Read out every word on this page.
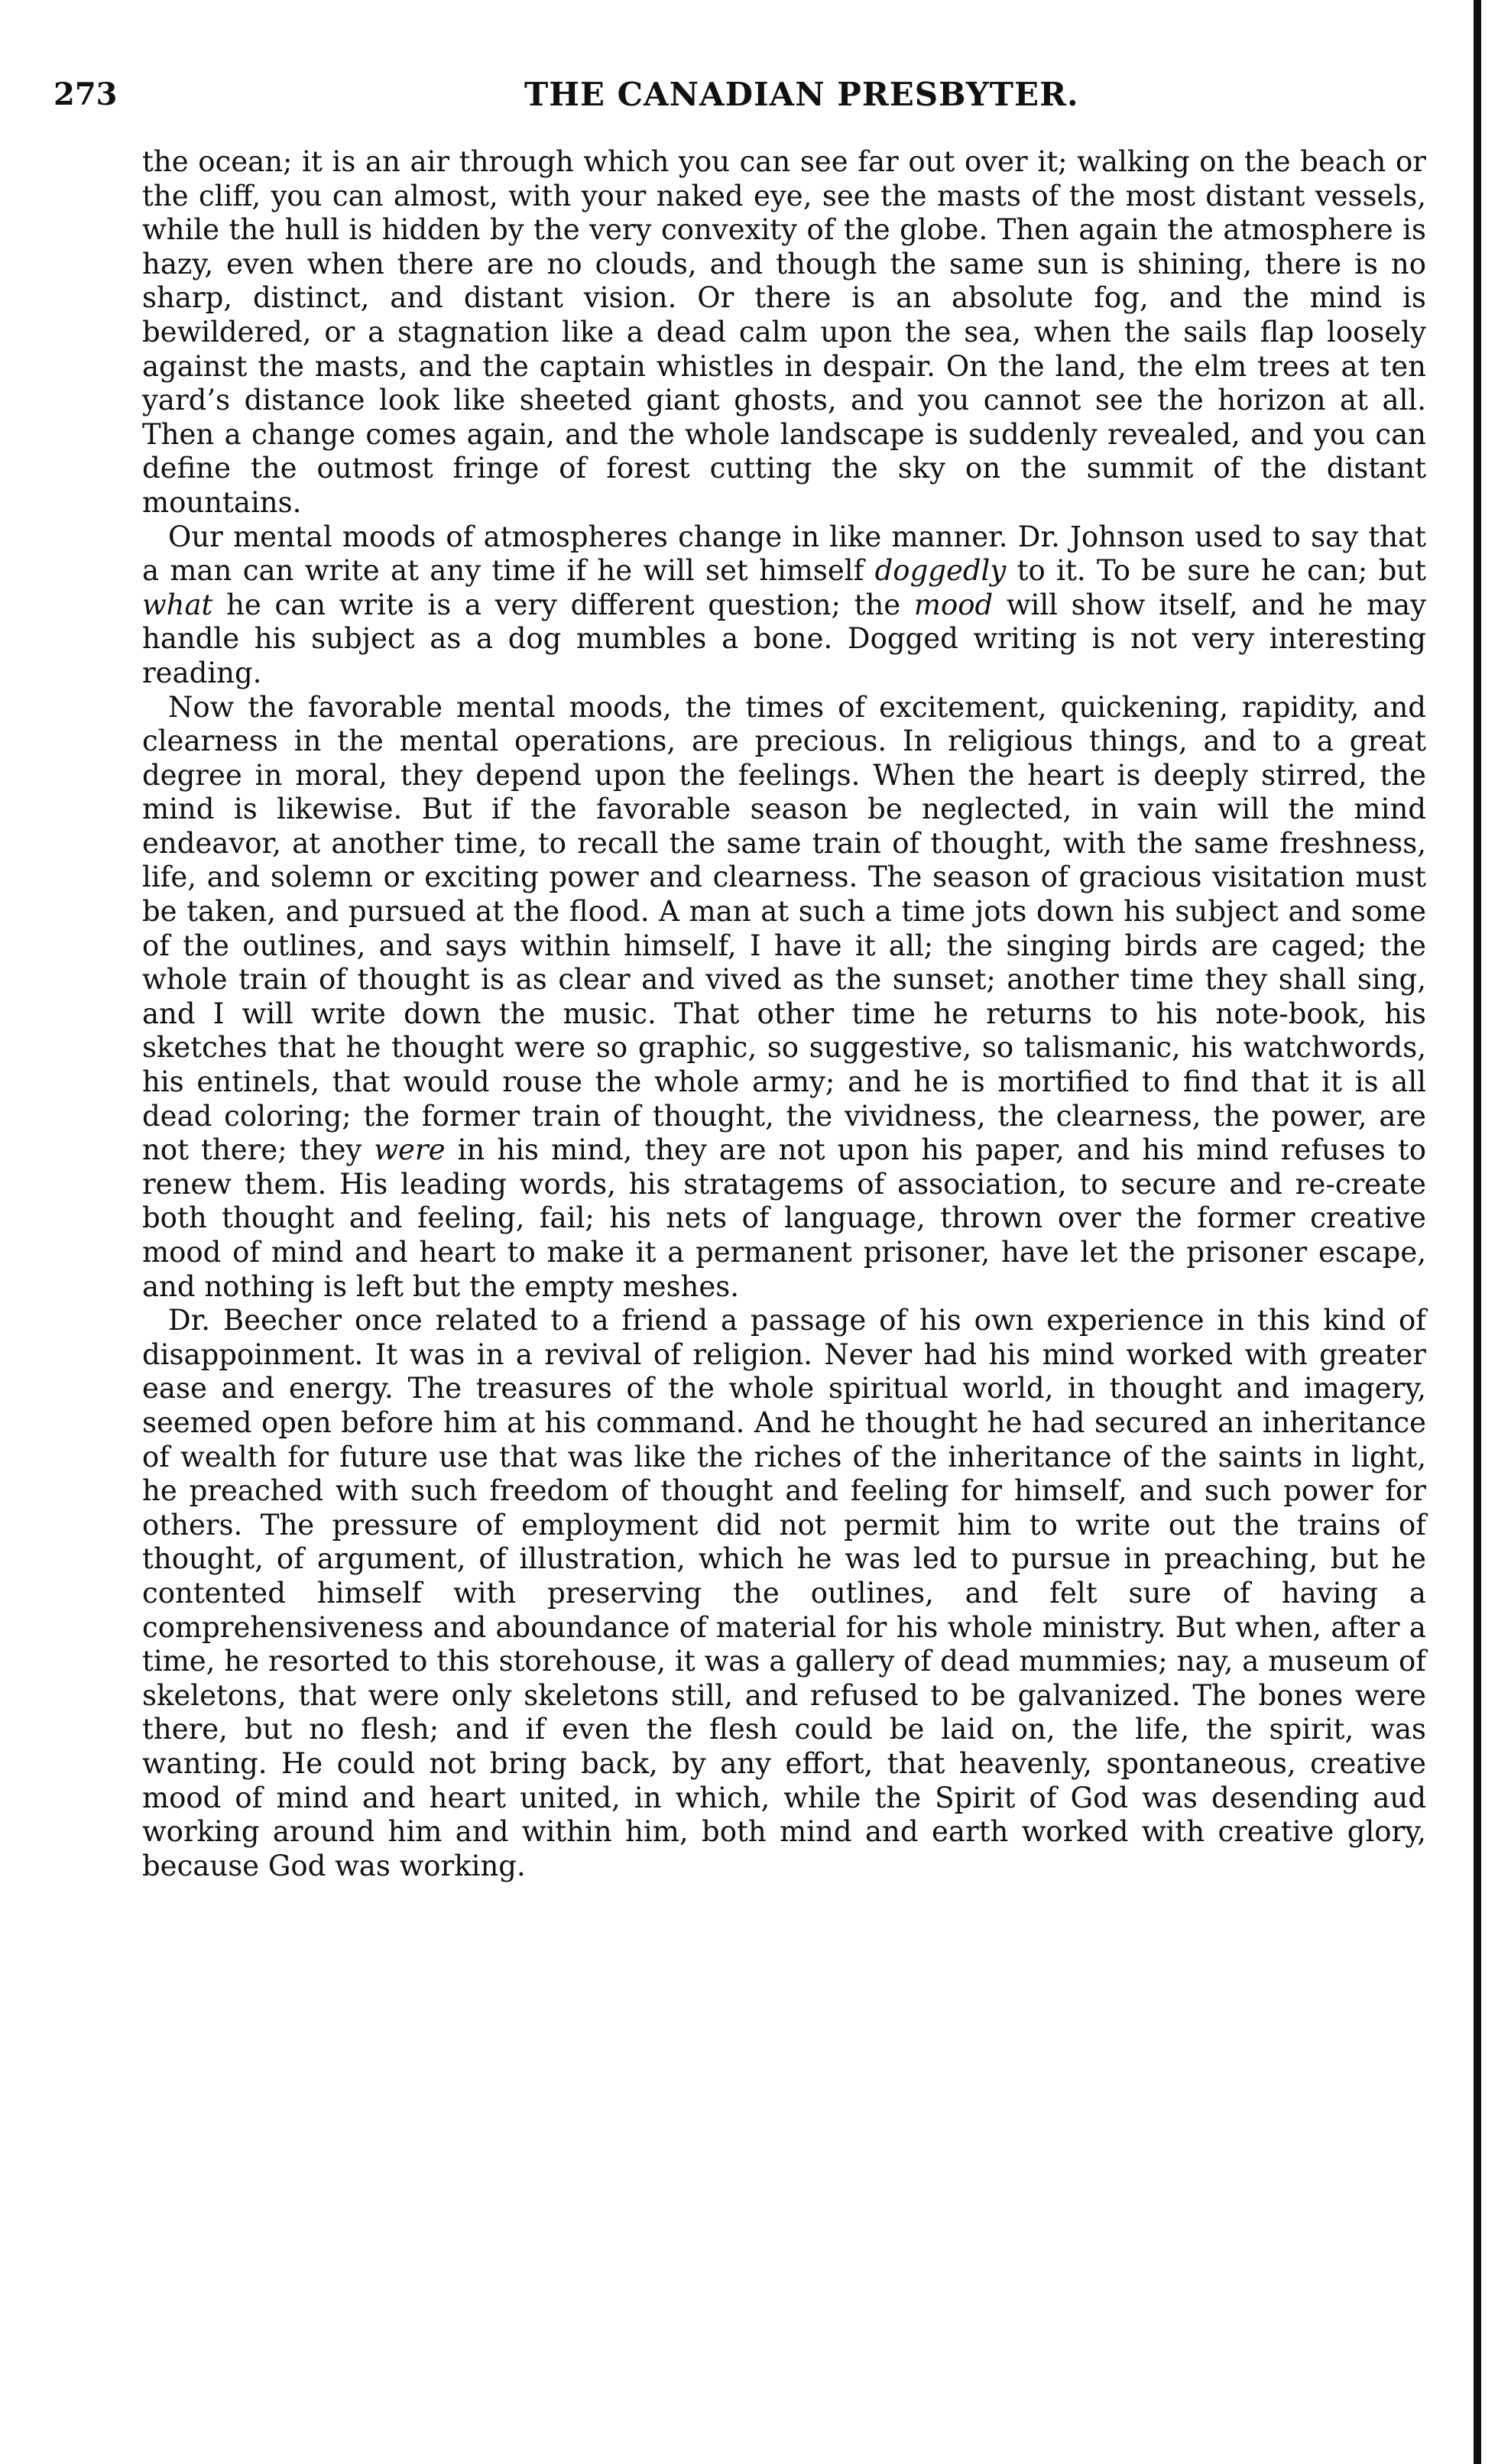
273	THE CANADIAN PRESBYTER.

the ocean; it is an air through which you can see far out over it; walking on the beach or the cliff, you can almost, with your naked eye, see the masts of the most distant vessels, while the hull is hidden by the very convexity of the globe. Then again the atmosphere is hazy, even when there are no clouds, and though the same sun is shining, there is no sharp, distinct, and distant vision. Or there is an absolute fog, and the mind is bewildered, or a stagnation like a dead calm upon the sea, when the sails flap loosely against the masts, and the captain whistles in despair. On the land, the elm trees at ten yard’s distance look like sheeted giant ghosts, and you cannot see the horizon at all. Then a change comes again, and the whole landscape is suddenly revealed, and you can define the outmost fringe of forest cutting the sky on the summit of the distant mountains.

Our mental moods of atmospheres change in like manner. Dr. Johnson used to say that a man can write at any time if he will set himself doggedly to it. To be sure he can; but what he can write is a very different question; the mood will show itself, and he may handle his subject as a dog mumbles a bone. Dogged writing is not very interesting reading.

Now the favorable mental moods, the times of excitement, quickening, rapidity, and clearness in the mental operations, are precious. In religious things, and to a great degree in moral, they depend upon the feelings. When the heart is deeply stirred, the mind is likewise. But if the favorable season be neglected, in vain will the mind endeavor, at another time, to recall the same train of thought, with the same freshness, life, and solemn or exciting power and clearness. The season of gracious visitation must be taken, and pursued at the flood. A man at such a time jots down his subject and some of the outlines, and says within himself, I have it all; the singing birds are caged; the whole train of thought is as clear and vived as the sunset; another time they shall sing, and I will write down the music. That other time he returns to his note-book, his sketches that he thought were so graphic, so suggestive, so talismanic, his watchwords, his entinels, that would rouse the whole army; and he is mortified to find that it is all dead coloring; the former train of thought, the vividness, the clearness, the power, are not there; they were in his mind, they are not upon his paper, and his mind refuses to renew them. His leading words, his stratagems of association, to secure and re-create both thought and feeling, fail; his nets of language, thrown over the former creative mood of mind and heart to make it a permanent prisoner, have let the prisoner escape, and nothing is left but the empty meshes.

Dr. Beecher once related to a friend a passage of his own experience in this kind of disappoinment. It was in a revival of religion. Never had his mind worked with greater ease and energy. The treasures of the whole spiritual world, in thought and imagery, seemed open before him at his command. And he thought he had secured an inheritance of wealth for future use that was like the riches of the inheritance of the saints in light, he preached with such freedom of thought and feeling for himself, and such power for others. The pressure of employment did not permit him to write out the trains of thought, of argument, of illustration, which he was led to pursue in preaching, but he contented himself with preserving the outlines, and felt sure of having a comprehensiveness and aboundance of material for his whole ministry. But when, after a time, he resorted to this storehouse, it was a gallery of dead mummies; nay, a museum of skeletons, that were only skeletons still, and refused to be galvanized. The bones were there, but no flesh; and if even the flesh could be laid on, the life, the spirit, was wanting. He could not bring back, by any effort, that heavenly, spontaneous, creative mood of mind and heart united, in which, while the Spirit of God was desending aud working around him and within him, both mind and earth worked with creative glory, because God was working.
